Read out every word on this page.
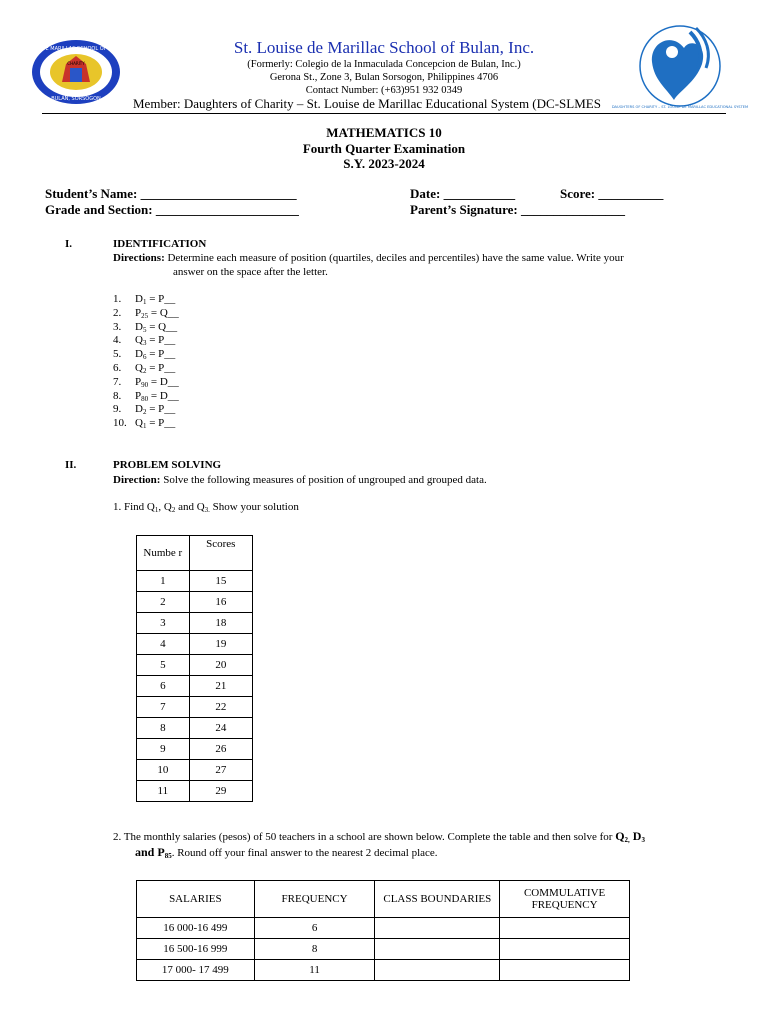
ST. LOUISE DE MARILLAC SCHOOL OF BULAN, INC.
BULAN, SORSOGON
CHARITY
St. Louise de Marillac School of Bulan, Inc.
(Formerly: Colegio de la Inmaculada Concepcion de Bulan, Inc.)
Gerona St., Zone 3, Bulan Sorsogon, Philippines 4706
Contact Number: (+63)951 932 0349
Member: Daughters of Charity – St. Louise de Marillac Educational System (DC-SLMES	DAUGHTERS OF CHARITY – ST. LOUISE DE MARILLAC EDUCATIONAL SYSTEM
MATHEMATICS 10
Fourth Quarter Examination
S.Y. 2023-2024
Student’s Name: ________________________	Date: ___________	Score: __________
Grade and Section: ______________________	Parent’s Signature: ________________
I.	IDENTIFICATION
Directions: Determine each measure of position (quartiles, deciles and percentiles) have the same value. Write your
answer on the space after the letter.
1. $D_1$ = P__
2. $P_{25}$ = Q__
3. $D_5$ = Q__
4. $Q_3$ = P__
5. $D_6$ = P__
6. $Q_2$ = P__
7. $P_{90}$ = D__
8. $P_{80}$ = D__
9. $D_2$ = P__
10. $Q_1$ = P__
II.	PROBLEM SOLVING
Direction: Solve the following measures of position of ungrouped and grouped data.
1. Find $Q_1$, $Q_2$ and $Q_{3.}$ Show your solution
Numbe r	Scores
1	15
2	16
3	18
4	19
5	20
6	21
7	22
8	24
9	26
10	27
11	29
2. The monthly salaries (pesos) of 50 teachers in a school are shown below. Complete the table and then solve for $Q_{2,}$ $D_3$
and $P_{85}$. Round off your final answer to the nearest 2 decimal place.
SALARIES	FREQUENCY	CLASS BOUNDARIES	COMMULATIVE FREQUENCY
16 000-16 499	6		
16 500-16 999	8		
17 000- 17 499	11		
